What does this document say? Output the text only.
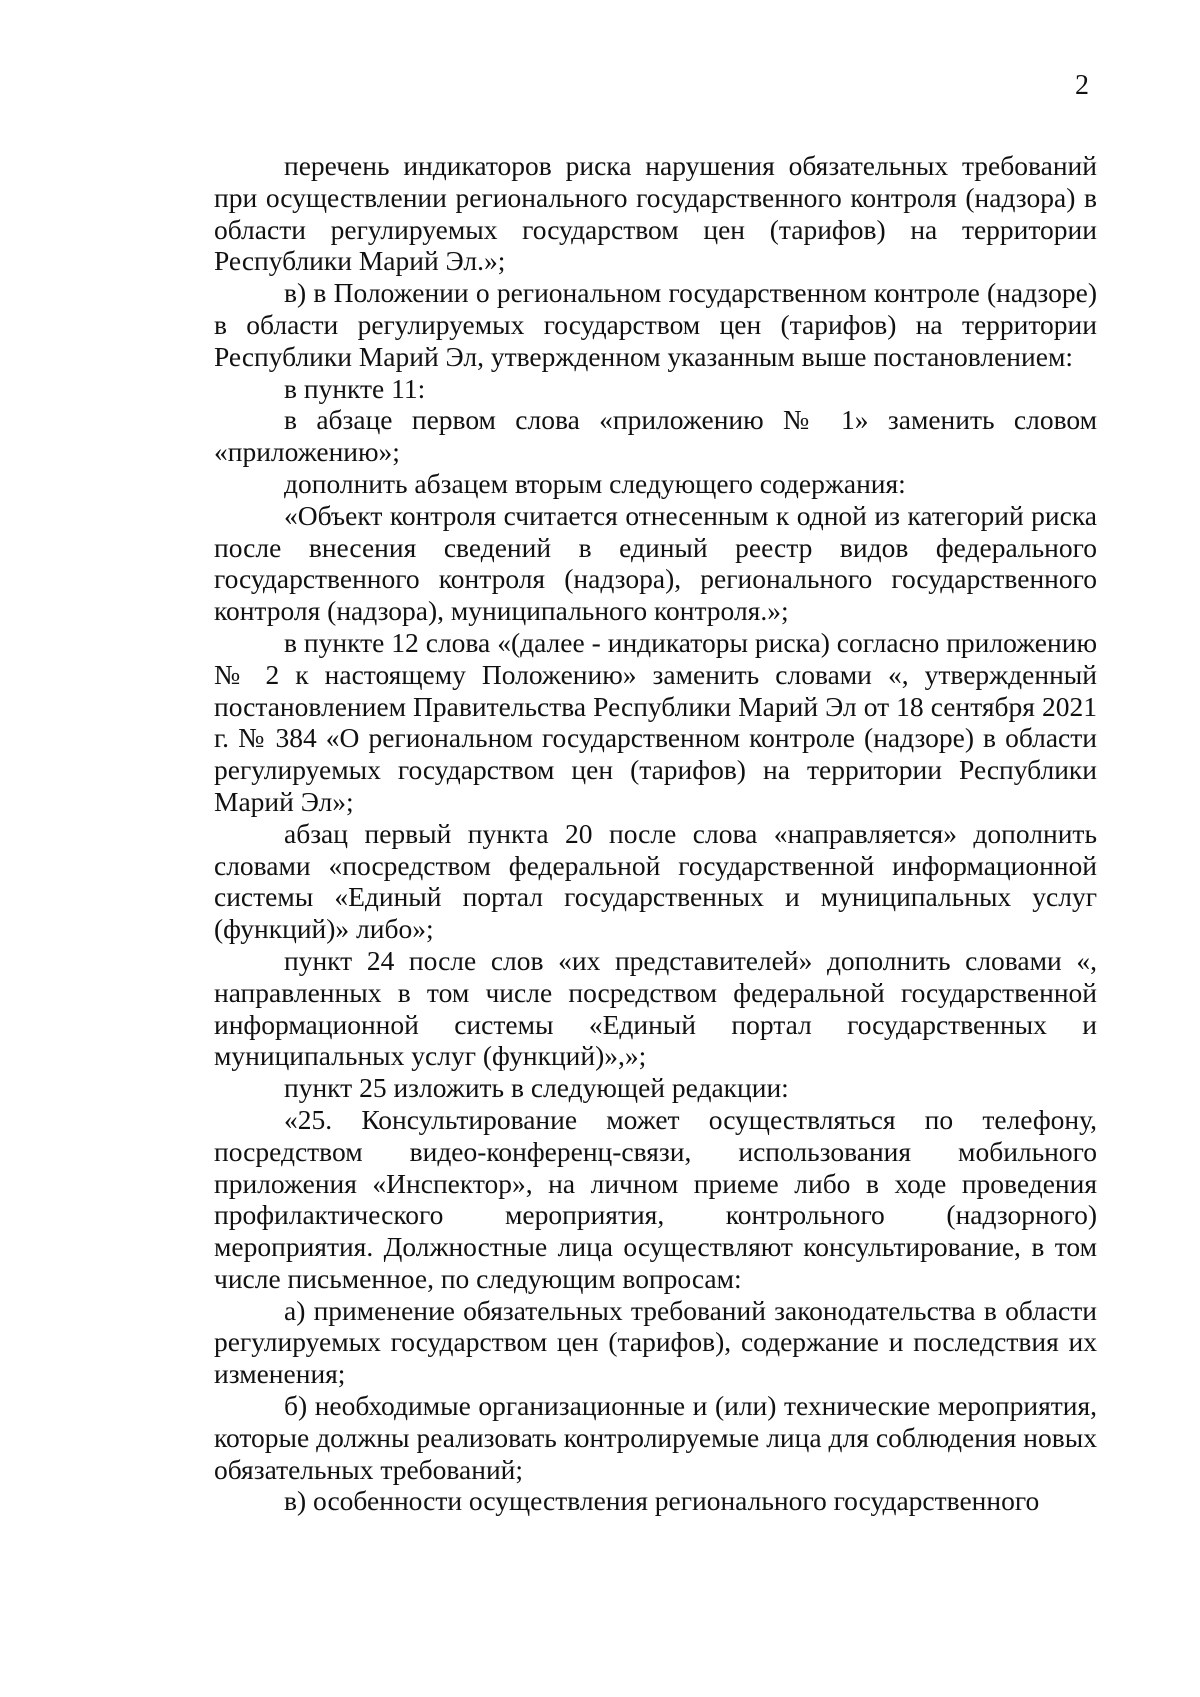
2

перечень индикаторов риска нарушения обязательных требований при осуществлении регионального государственного контроля (надзора) в области регулируемых государством цен (тарифов) на территории Республики Марий Эл.»;

в) в Положении о региональном государственном контроле (надзоре) в области регулируемых государством цен (тарифов) на территории Республики Марий Эл, утвержденном указанным выше постановлением:

в пункте 11:

в абзаце первом слова «приложению № 1» заменить словом «приложению»;

дополнить абзацем вторым следующего содержания:

«Объект контроля считается отнесенным к одной из категорий риска после внесения сведений в единый реестр видов федерального государственного контроля (надзора), регионального государственного контроля (надзора), муниципального контроля.»;

в пункте 12 слова «(далее - индикаторы риска) согласно приложению № 2 к настоящему Положению» заменить словами «, утвержденный постановлением Правительства Республики Марий Эл от 18 сентября 2021 г. № 384 «О региональном государственном контроле (надзоре) в области регулируемых государством цен (тарифов) на территории Республики Марий Эл»;

абзац первый пункта 20 после слова «направляется» дополнить словами «посредством федеральной государственной информационной системы «Единый портал государственных и муниципальных услуг (функций)» либо»;

пункт 24 после слов «их представителей» дополнить словами «, направленных в том числе посредством федеральной государственной информационной системы «Единый портал государственных и муниципальных услуг (функций)»,»;

пункт 25 изложить в следующей редакции:

«25. Консультирование может осуществляться по телефону, посредством видео-конференц-связи, использования мобильного приложения «Инспектор», на личном приеме либо в ходе проведения профилактического мероприятия, контрольного (надзорного) мероприятия. Должностные лица осуществляют консультирование, в том числе письменное, по следующим вопросам:

а) применение обязательных требований законодательства в области регулируемых государством цен (тарифов), содержание и последствия их изменения;

б) необходимые организационные и (или) технические мероприятия, которые должны реализовать контролируемые лица для соблюдения новых обязательных требований;

в) особенности осуществления регионального государственного
